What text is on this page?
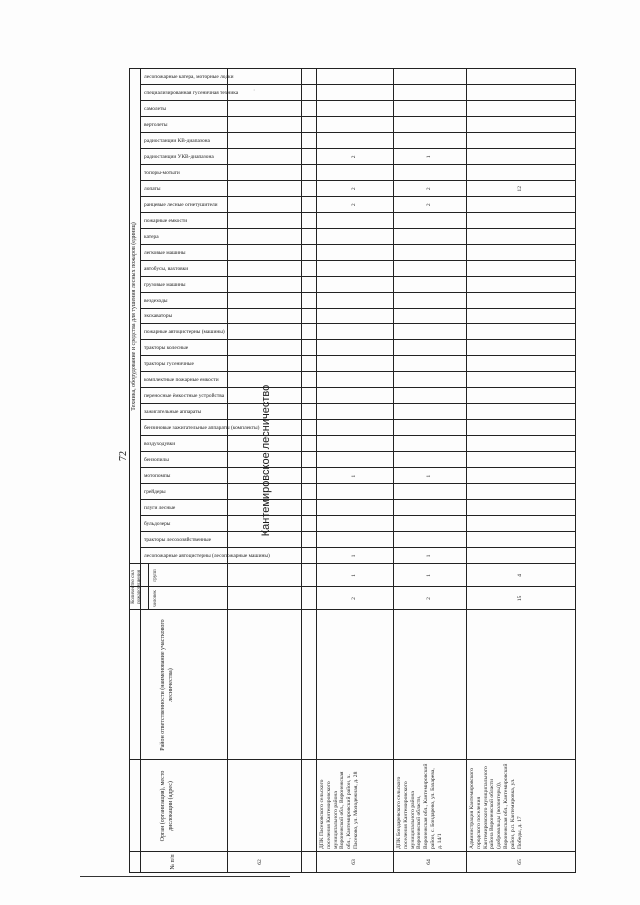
72
·
№ п/п
Орган (организация), место дислокации (адрес)
Район ответственности (наименование участкового лесничества)
Количество сил пожаротушения человек
групп
Техника, оборудование и средства для тушения лесных пожаров (единиц)
лесопожарные автоцистерны (лесопожарные машины)
тракторы лесохозяйственные
бульдозеры
плуги лесные
грейдеры
мотопомпы
бензопилы
воздуходувки
бензиновые зажигательные аппараты (комплекты)
зажигательные аппараты
переносные ёмкостные устройства
комплектные пожарные емкости
тракторы гусеничные
тракторы колесные
пожарные автоцистерны (машины)
экскаваторы
вездеходы
грузовые машины
автобусы, вахтовки
легковые машины
катера
пожарные емкости
ранцевые лесные огнетушители
лопаты
топоры-мотыги
радиостанции УКВ-диапазона
радиостанции КВ-диапазона
вертолеты
самолеты
специализированная гусеничная техника
лесопожарные катера, моторные лодки
62
Кантемировское лесничество
63
ДПК Пасековского сельского поселения Кантемировского муниципального района Воронежской обл., Воронежская обл., Кантемировский район, х. Пасеково, ул. Молодежная, д. 28
2
1
1
1
2
2
2
64
ДПК Бондаревского сельского поселения Кантемировского муниципального района Воронежской области, Воронежская обл., Кантемировский район, с. Бондарево, ул. Бахарева, д. 14/1
2
1
1
1
2
2
1
65
Администрация Кантемировского городского поселения Кантемировского муниципального района Воронежской области (добровольцы (волонтеры)), Воронежская обл., Кантемировский район, р.п. Кантемировка, ул. Победы, д. 17
15
4
12
